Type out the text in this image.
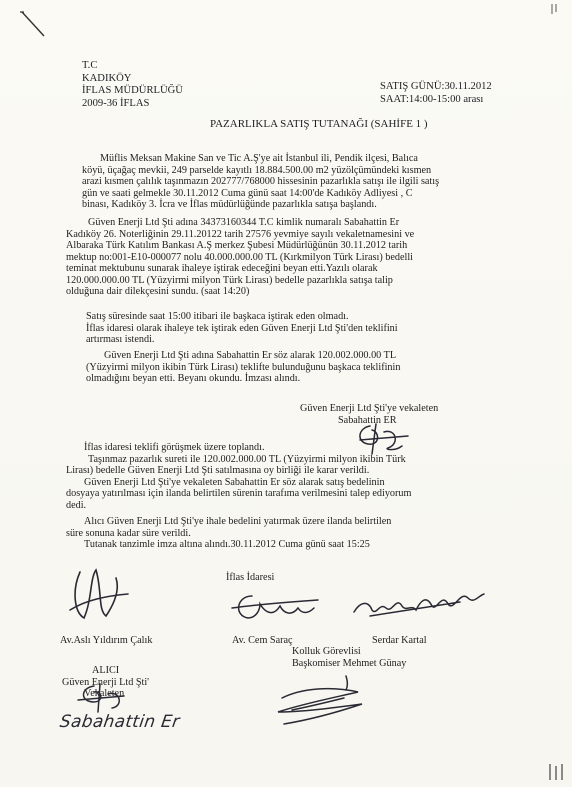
T.C
KADIKÖY
İFLAS MÜDÜRLÜĞÜ
2009-36 İFLAS
SATIŞ GÜNÜ:30.11.2012
SAAT:14:00-15:00 arası
PAZARLIKLA SATIŞ TUTANAĞI (SAHİFE 1 )
Müflis Meksan Makine San ve Tic A.Ş'ye ait İstanbul ili, Pendik ilçesi, Balıca
köyü, üçağaç mevkii, 249 parselde kayıtlı 18.884.500.00 m2 yüzölçümündeki kısmen
arazi kısmen çalılık taşınmazın 202777/768000 hissesinin pazarlıkla satışı ile ilgili satış
gün ve saati gelmekle 30.11.2012 Cuma günü saat 14:00'de Kadıköy Adliyesi , C
binası, Kadıköy 3. İcra ve İflas müdürlüğünde pazarlıkla satışa başlandı.
Güven Enerji Ltd Şti adına 34373160344 T.C kimlik numaralı Sabahattin Er
Kadıköy 26. Noterliğinin 29.11.20122 tarih 27576 yevmiye sayılı vekaletnamesini ve
Albaraka Türk Katılım Bankası A.Ş merkez Şubesi Müdürlüğünün 30.11.2012 tarih
mektup no:001-E10-000077 nolu 40.000.000.00 TL (Kırkmilyon Türk Lirası) bedelli
teminat mektubunu sunarak ihaleye iştirak edeceğini beyan etti.Yazılı olarak
120.000.000.00 TL (Yüzyirmi milyon Türk Lirası) bedelle pazarlıkla satışa talip
olduğuna dair dilekçesini sundu. (saat 14:20)
Satış süresinde saat 15:00 itibari ile başkaca iştirak eden olmadı.
İflas idaresi olarak ihaleye tek iştirak eden Güven Enerji Ltd Şti'den teklifini
artırması istendi.
Güven Enerji Ltd Şti adına Sabahattin Er söz alarak 120.002.000.00 TL
(Yüzyirmi milyon ikibin Türk Lirası) teklifte bulunduğunu başkaca teklifinin
olmadığını beyan etti. Beyanı okundu. İmzası alındı.
Güven Enerji Ltd Şti'ye vekaleten
Sabahattin ER
İflas idaresi teklifi görüşmek üzere toplandı.
Taşınmaz pazarlık sureti ile 120.002.000.00 TL (Yüzyirmi milyon ikibin Türk
Lirası) bedelle Güven Enerji Ltd Şti satılmasına oy birliği ile karar verildi.
Güven Enerji Ltd Şti'ye vekaleten Sabahattin Er söz alarak satış bedelinin
dosyaya yatırılması için ilanda belirtilen sürenin tarafıma verilmesini talep ediyorum
dedi.
Alıcı Güven Enerji Ltd Şti'ye ihale bedelini yatırmak üzere ilanda belirtilen
süre sonuna kadar süre verildi.
Tutanak tanzimle imza altına alındı.30.11.2012 Cuma günü saat 15:25
İflas İdaresi
Av.Aslı Yıldırım Çalık	Av. Cem Saraç	Serdar Kartal
ALICI
Güven Enerji Ltd Şti'
Vekaleten
Sabahattin Er
Kolluk Görevlisi
Başkomiser Mehmet Günay
